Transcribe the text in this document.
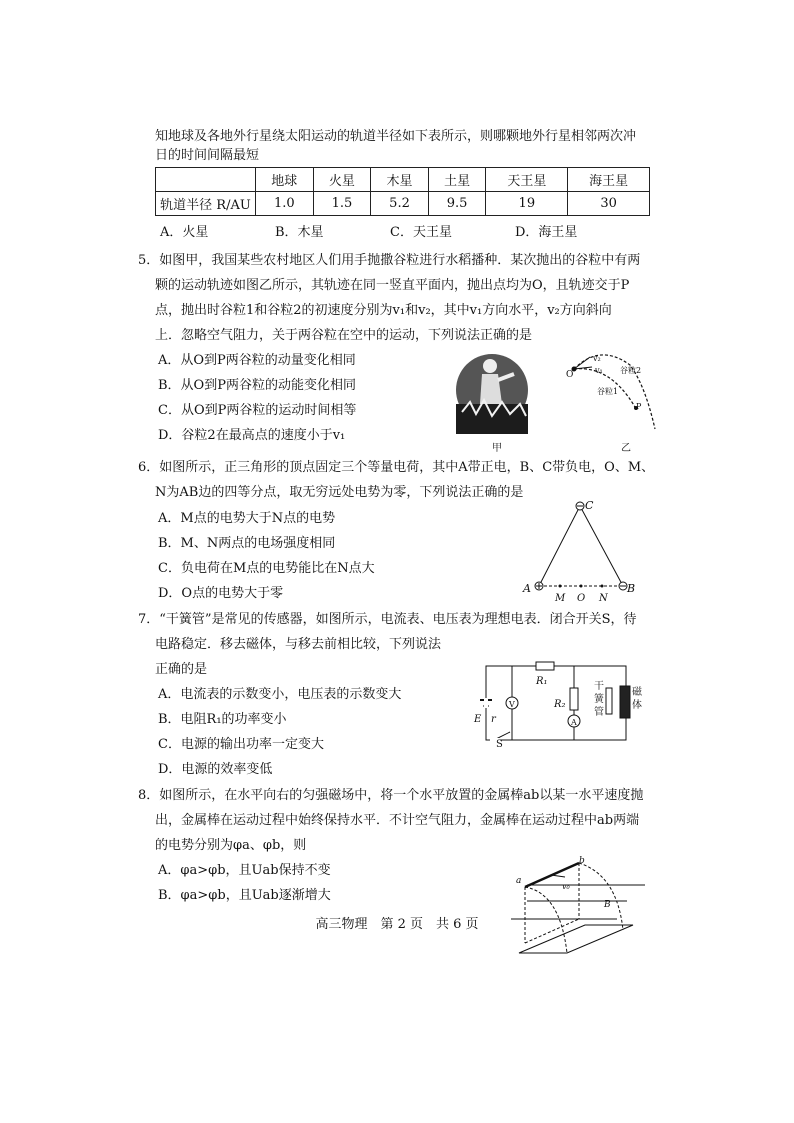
知地球及各地外行星绕太阳运动的轨道半径如下表所示，则哪颗地外行星相邻两次冲
日的时间间隔最短
	地球	火星	木星	土星	天王星	海王星
轨道半径 R/AU	1.0	1.5	5.2	9.5	19	30
A．火星	B．木星	C．天王星	D．海王星
5．如图甲，我国某些农村地区人们用手抛撒谷粒进行水稻播种．某次抛出的谷粒中有两
颗的运动轨迹如图乙所示，其轨迹在同一竖直平面内，抛出点均为O，且轨迹交于P
点，抛出时谷粒1和谷粒2的初速度分别为v₁和v₂，其中v₁方向水平，v₂方向斜向
上．忽略空气阻力，关于两谷粒在空中的运动，下列说法正确的是
A．从O到P两谷粒的动量变化相同
B．从O到P两谷粒的动能变化相同
C．从O到P两谷粒的运动时间相等
D．谷粒2在最高点的速度小于v₁
甲
O
v₂
v₁ 谷粒2
谷粒1
P
乙
6．如图所示，正三角形的顶点固定三个等量电荷，其中A带正电，B、C带负电，O、M、
N为AB边的四等分点，取无穷远处电势为零，下列说法正确的是
A．M点的电势大于N点的电势
B．M、N两点的电场强度相同
C．负电荷在M点的电势能比在N点大
D．O点的电势大于零
C
A	B
M O N
7．“干簧管”是常见的传感器，如图所示，电流表、电压表为理想电表．闭合开关S，待
电路稳定．移去磁体，与移去前相比较，下列说法
正确的是
A．电流表的示数变小，电压表的示数变大
B．电阻R₁的功率变小
C．电源的输出功率一定变大
D．电源的效率变低
R₁
R₂
V
A
E r
S
干簧管
磁体
8．如图所示，在水平向右的匀强磁场中，将一个水平放置的金属棒ab以某一水平速度抛
出，金属棒在运动过程中始终保持水平．不计空气阻力，金属棒在运动过程中ab两端
的电势分别为φa、φb，则
A．φa>φb，且Uab保持不变
B．φa>φb，且Uab逐渐增大
a
b
v₀
B
高三物理　第 2 页　共 6 页
